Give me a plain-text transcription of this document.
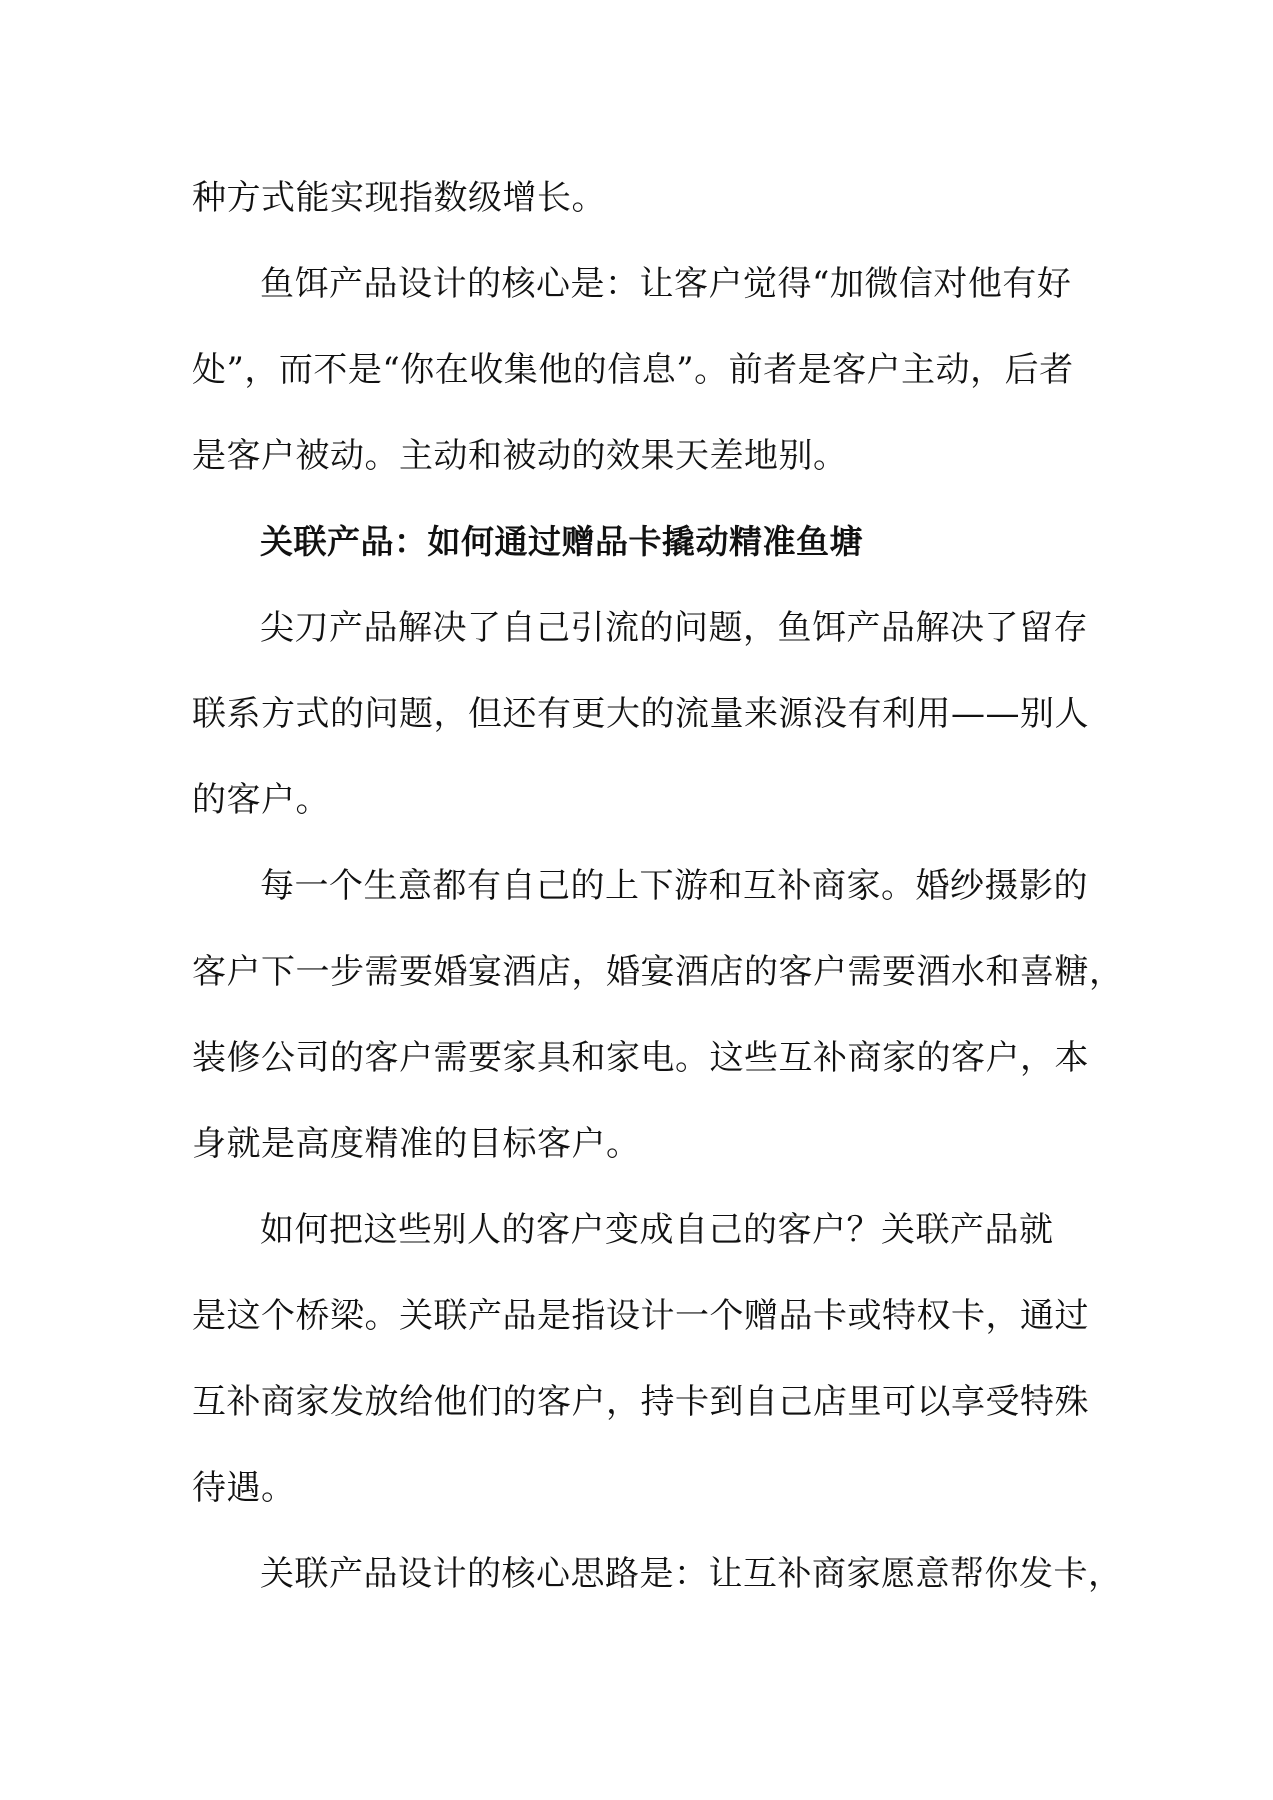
种方式能实现指数级增长。
鱼饵产品设计的核心是：让客户觉得“加微信对他有好
处”，而不是“你在收集他的信息”。前者是客户主动，后者
是客户被动。主动和被动的效果天差地别。
关联产品：如何通过赠品卡撬动精准鱼塘
尖刀产品解决了自己引流的问题，鱼饵产品解决了留存
联系方式的问题，但还有更大的流量来源没有利用——别人
的客户。
每一个生意都有自己的上下游和互补商家。婚纱摄影的
客户下一步需要婚宴酒店，婚宴酒店的客户需要酒水和喜糖，
装修公司的客户需要家具和家电。这些互补商家的客户，本
身就是高度精准的目标客户。
如何把这些别人的客户变成自己的客户？关联产品就
是这个桥梁。关联产品是指设计一个赠品卡或特权卡，通过
互补商家发放给他们的客户，持卡到自己店里可以享受特殊
待遇。
关联产品设计的核心思路是：让互补商家愿意帮你发卡，
